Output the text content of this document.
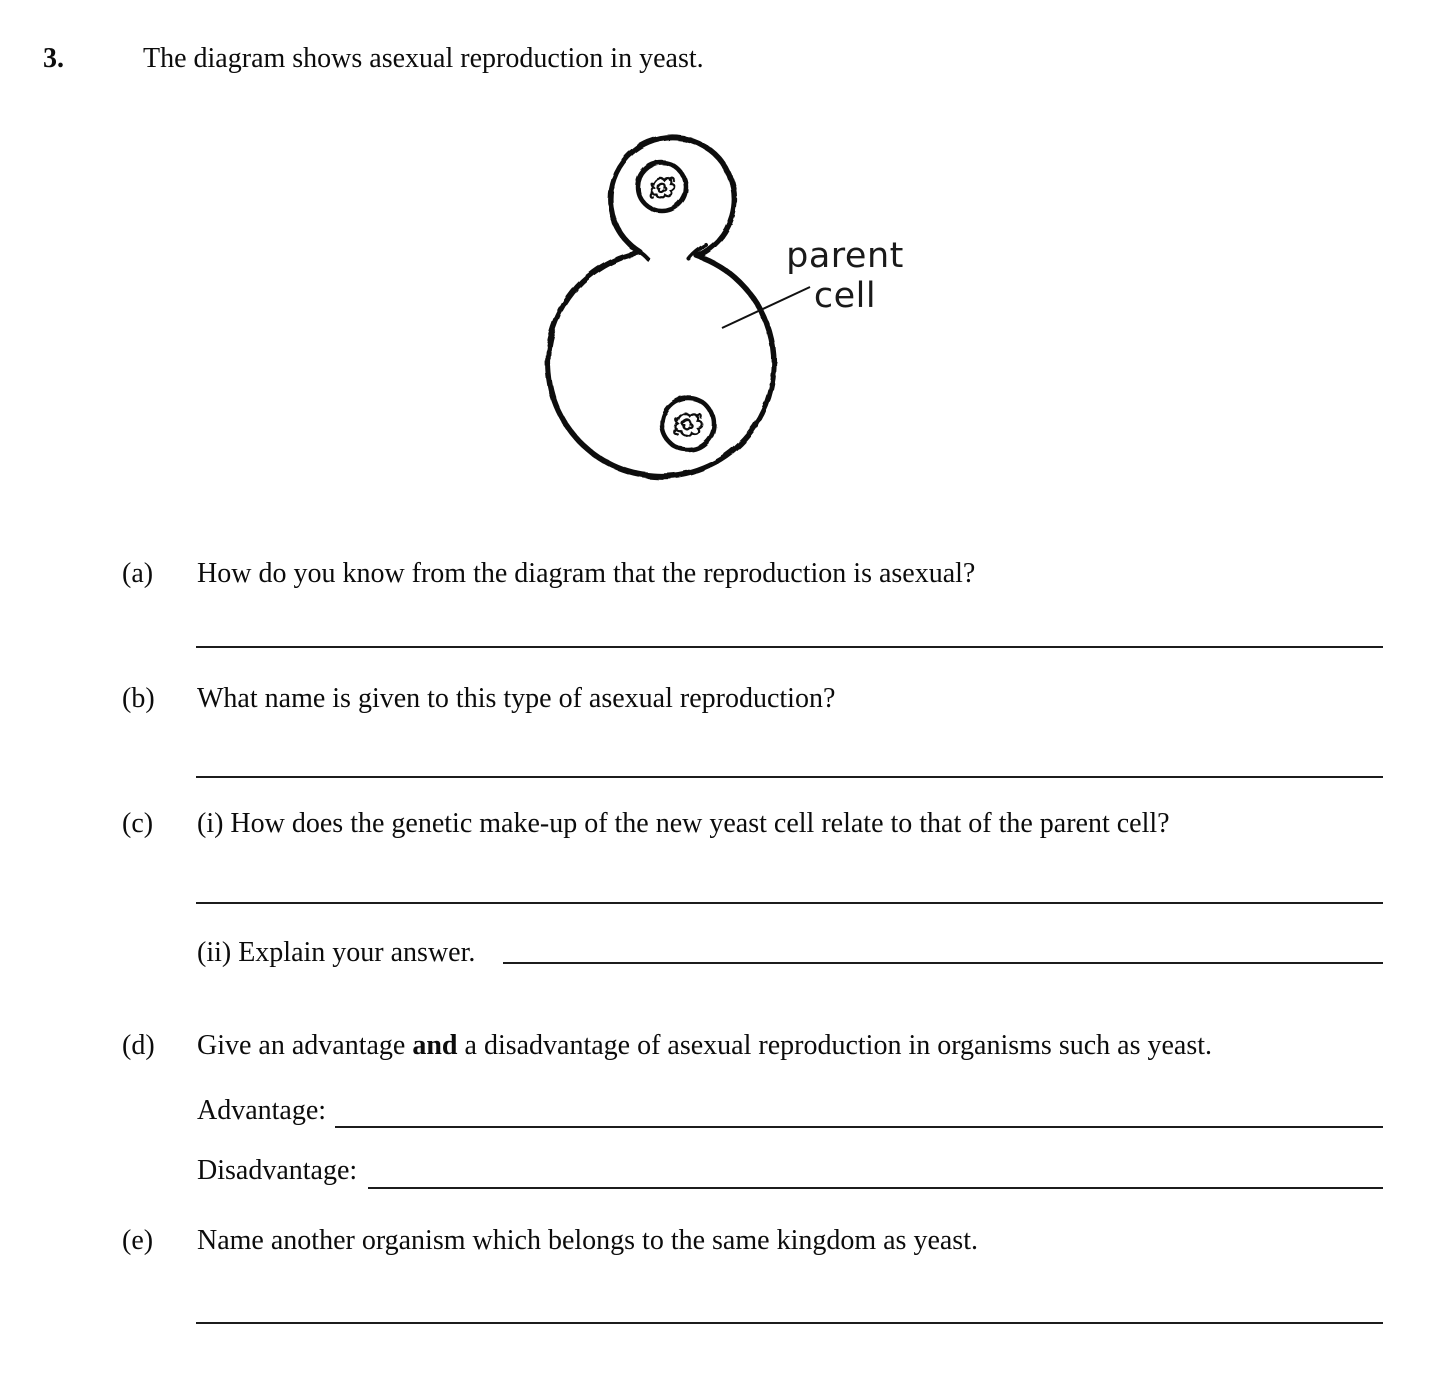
3.	The diagram shows asexual reproduction in yeast.
parent
cell
(a) How do you know from the diagram that the reproduction is asexual?
(b) What name is given to this type of asexual reproduction?
(c) (i) How does the genetic make-up of the new yeast cell relate to that of the parent cell?
(ii) Explain your answer.
(d) Give an advantage and a disadvantage of asexual reproduction in organisms such as yeast.
Advantage:
Disadvantage:
(e) Name another organism which belongs to the same kingdom as yeast.
